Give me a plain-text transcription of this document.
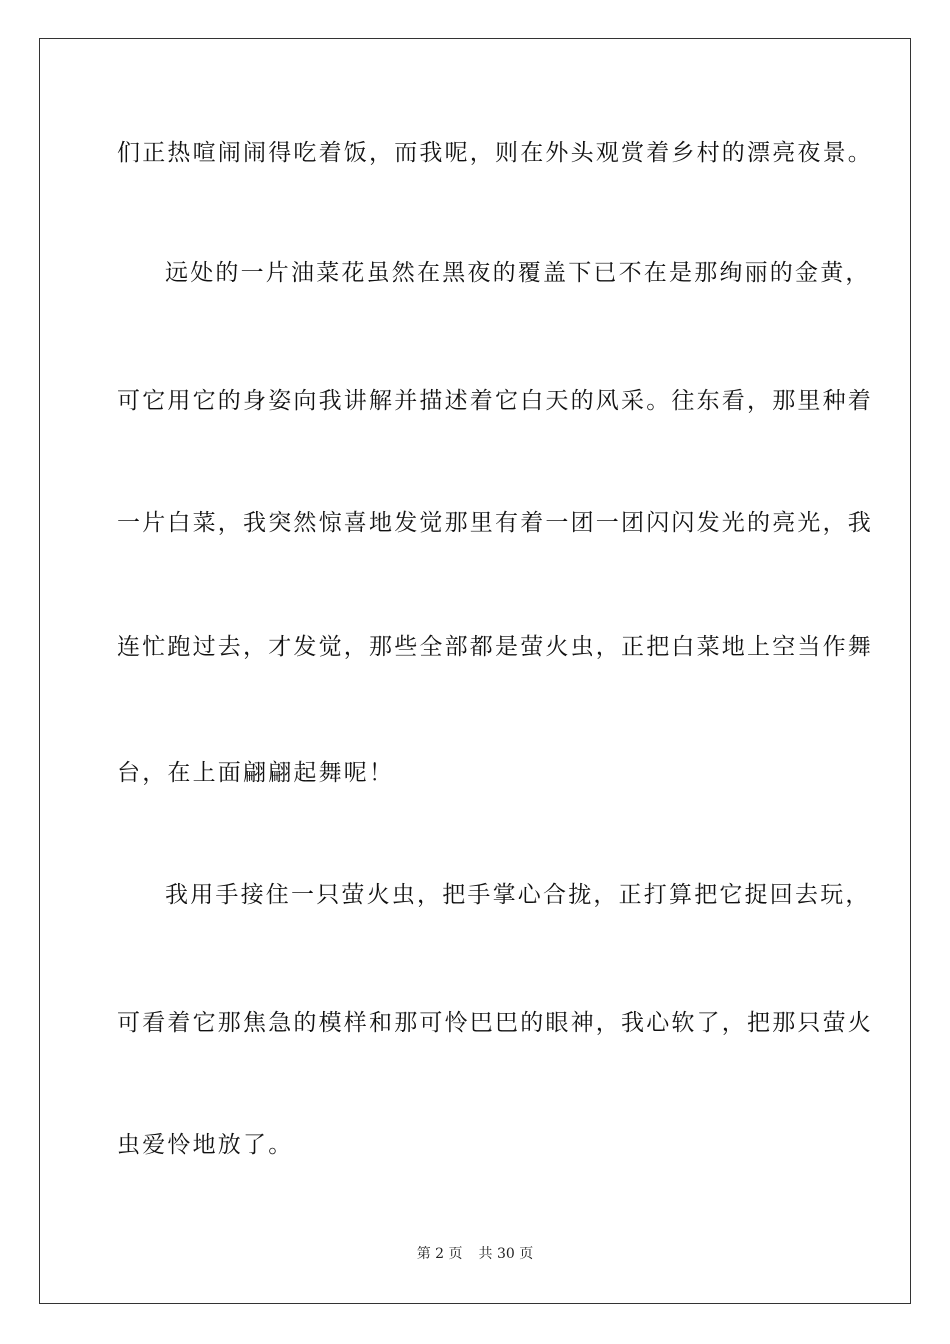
们正热喧闹闹得吃着饭，而我呢，则在外头观赏着乡村的漂亮夜景。
远处的一片油菜花虽然在黑夜的覆盖下已不在是那绚丽的金黄，
可它用它的身姿向我讲解并描述着它白天的风采。往东看，那里种着
一片白菜，我突然惊喜地发觉那里有着一团一团闪闪发光的亮光，我
连忙跑过去，才发觉，那些全部都是萤火虫，正把白菜地上空当作舞
台，在上面翩翩起舞呢！
我用手接住一只萤火虫，把手掌心合拢，正打算把它捉回去玩，
可看着它那焦急的模样和那可怜巴巴的眼神，我心软了，把那只萤火
虫爱怜地放了。
第 2 页 共 30 页
